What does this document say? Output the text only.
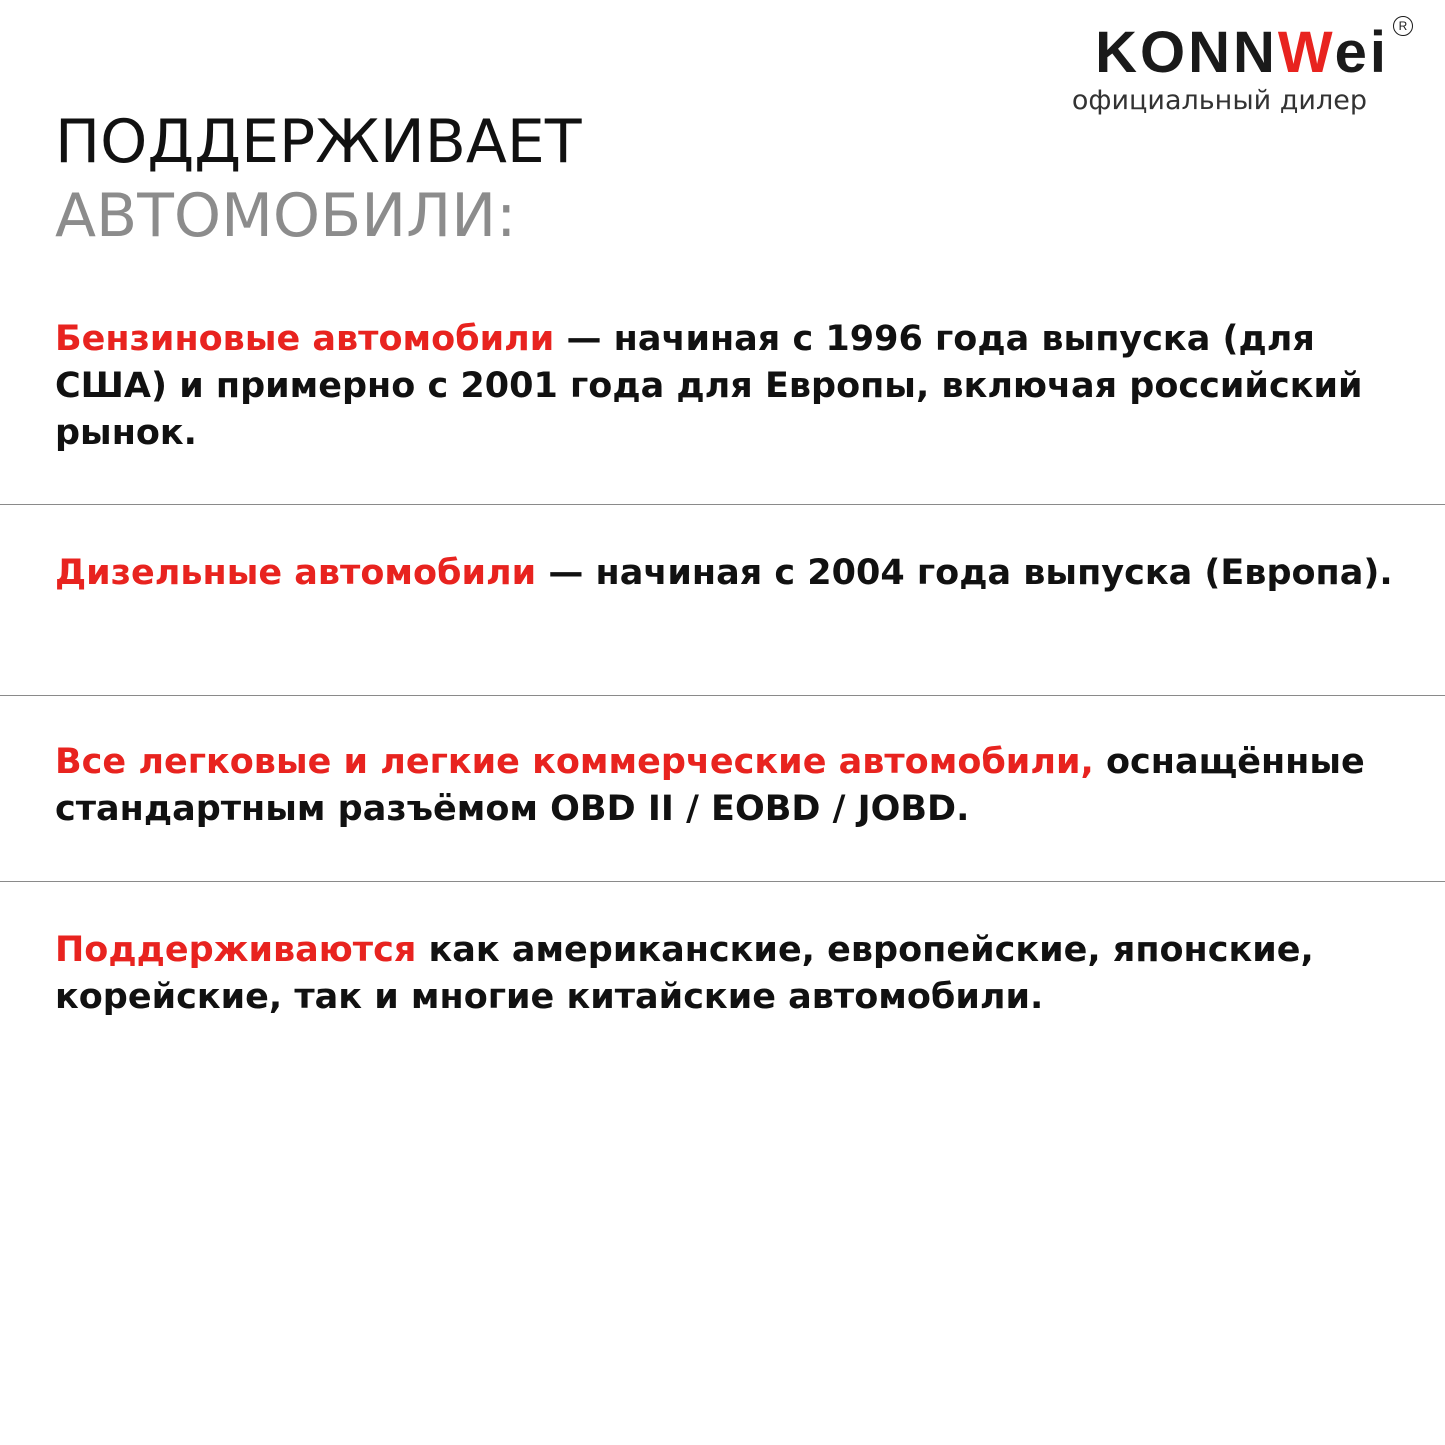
KONNWei R
официальный дилер
ПОДДЕРЖИВАЕТ
АВТОМОБИЛИ:
Бензиновые автомобили — начиная с 1996 года выпуска (для США) и примерно с 2001 года для Европы, включая российский рынок.
Дизельные автомобили — начиная с 2004 года выпуска (Европа).
Все легковые и легкие коммерческие автомобили, оснащённые стандартным разъёмом OBD II / EOBD / JOBD.
Поддерживаются как американские, европейские, японские, корейские, так и многие китайские автомобили.
